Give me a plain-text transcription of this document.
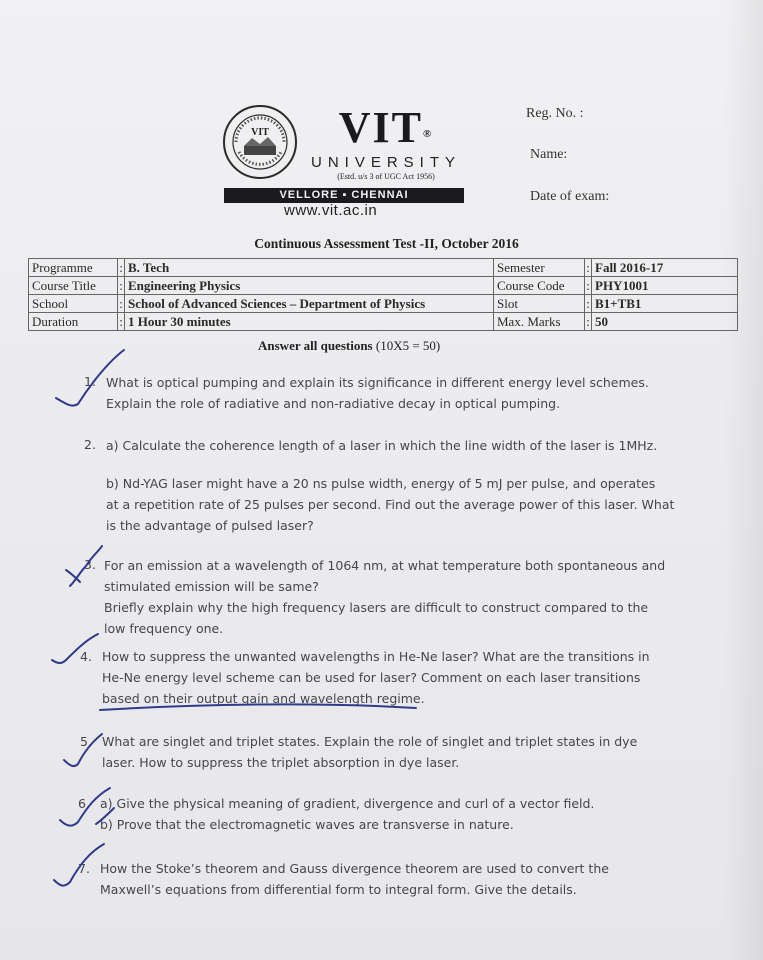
VIT	VIT®
UNIVERSITY
(Estd. u/s 3 of UGC Act 1956)
VELLORE ▪ CHENNAI
www.vit.ac.in
Reg. No. :
Name:
Date of exam:
Continuous Assessment Test -II, October 2016
Programme	:	B. Tech	Semester	:	Fall 2016-17
Course Title	:	Engineering Physics	Course Code	:	PHY1001
School	:	School of Advanced Sciences – Department of Physics	Slot	:	B1+TB1
Duration	:	1 Hour 30 minutes	Max. Marks	:	50
Answer all questions (10X5 = 50)
1. What is optical pumping and explain its significance in different energy level schemes.

Explain the role of radiative and non-radiative decay in optical pumping.

2. a) Calculate the coherence length of a laser in which the line width of the laser is 1MHz.

b) Nd-YAG laser might have a 20 ns pulse width, energy of 5 mJ per pulse, and operates

at a repetition rate of 25 pulses per second. Find out the average power of this laser. What

is the advantage of pulsed laser?

3. For an emission at a wavelength of 1064 nm, at what temperature both spontaneous and

stimulated emission will be same?

Briefly explain why the high frequency lasers are difficult to construct compared to the

low frequency one.

4. How to suppress the unwanted wavelengths in He-Ne laser? What are the transitions in

He-Ne energy level scheme can be used for laser? Comment on each laser transitions

based on their output gain and wavelength regime.

5. What are singlet and triplet states. Explain the role of singlet and triplet states in dye

laser. How to suppress the triplet absorption in dye laser.

6. a) Give the physical meaning of gradient, divergence and curl of a vector field.

b) Prove that the electromagnetic waves are transverse in nature.

7. How the Stoke’s theorem and Gauss divergence theorem are used to convert the

Maxwell’s equations from differential form to integral form. Give the details.
